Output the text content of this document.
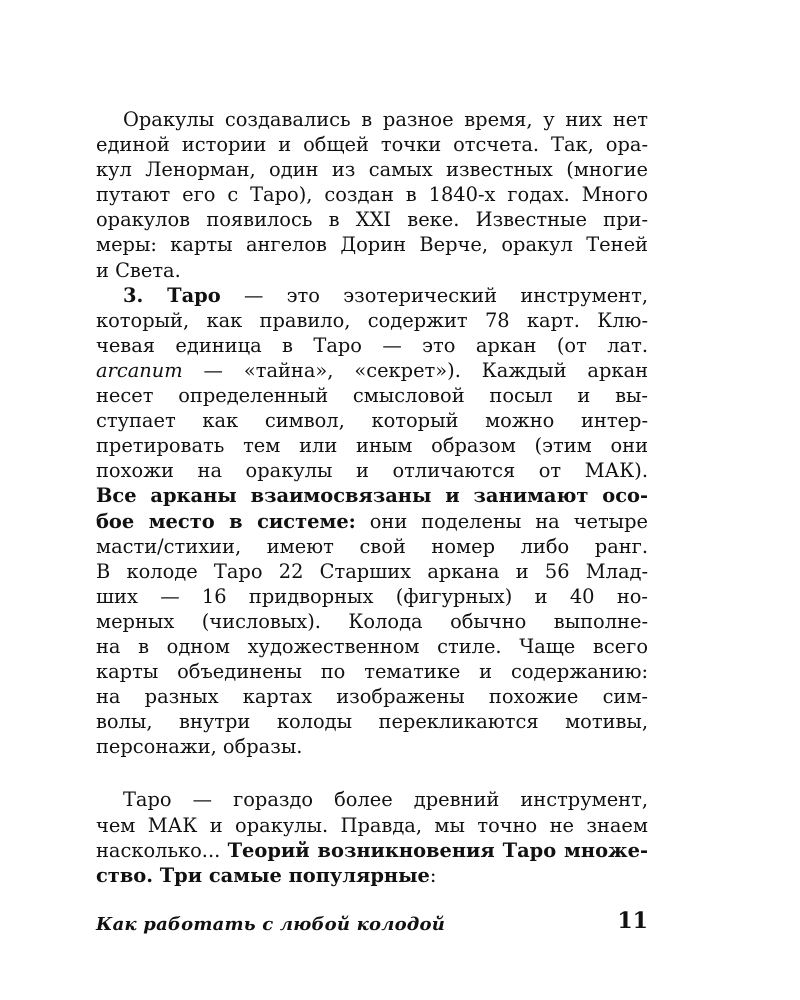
Оракулы создавались в разное время, у них нет
единой истории и общей точки отсчета. Так, ора-
кул Ленорман, один из самых известных (многие
путают его с Таро), создан в 1840-х годах. Много
оракулов появилось в XXI веке. Известные при-
меры: карты ангелов Дорин Верче, оракул Теней
и Света.
3. Таро — это эзотерический инструмент,
который, как правило, содержит 78 карт. Клю-
чевая единица в Таро — это аркан (от лат.
arcanum — «тайна», «секрет»). Каждый аркан
несет определенный смысловой посыл и вы-
ступает как символ, который можно интер-
претировать тем или иным образом (этим они
похожи на оракулы и отличаются от МАК).
Все арканы взаимосвязаны и занимают осо-
бое место в системе: они поделены на четыре
масти/стихии, имеют свой номер либо ранг.
В колоде Таро 22 Старших аркана и 56 Млад-
ших — 16 придворных (фигурных) и 40 но-
мерных (числовых). Колода обычно выполне-
на в одном художественном стиле. Чаще всего
карты объединены по тематике и содержанию:
на разных картах изображены похожие сим-
волы, внутри колоды перекликаются мотивы,
персонажи, образы.
Таро — гораздо более древний инструмент,
чем МАК и оракулы. Правда, мы точно не знаем
насколько... Теорий возникновения Таро множе-
ство. Три самые популярные:
Как работать с любой колодой	11
